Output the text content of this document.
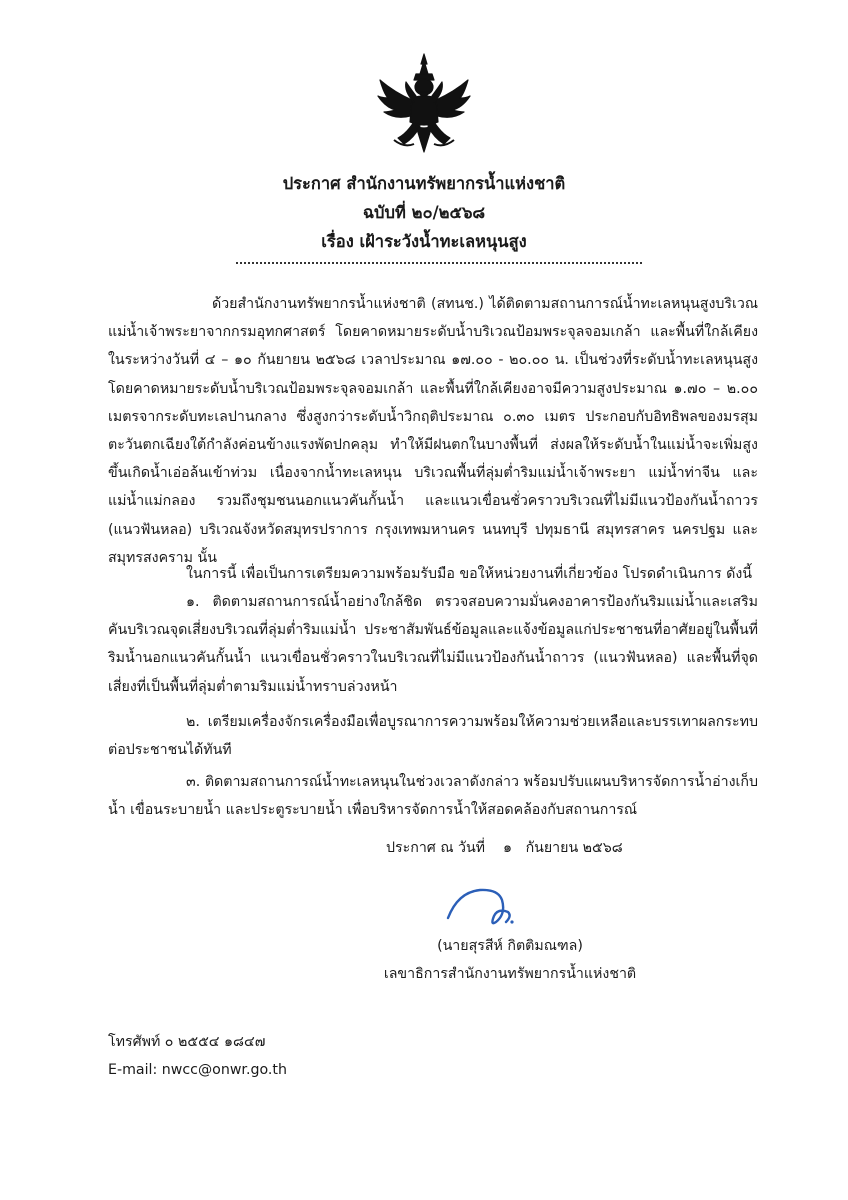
ประกาศ สำนักงานทรัพยากรน้ำแห่งชาติ
ฉบับที่ ๒๐/๒๕๖๘
เรื่อง เฝ้าระวังน้ำทะเลหนุนสูง

ด้วยสำนักงานทรัพยากรน้ำแห่งชาติ (สทนช.) ได้ติดตามสถานการณ์น้ำทะเลหนุนสูงบริเวณแม่น้ำเจ้าพระยาจากกรมอุทกศาสตร์ โดยคาดหมายระดับน้ำบริเวณป้อมพระจุลจอมเกล้า และพื้นที่ใกล้เคียงในระหว่างวันที่ ๔ – ๑๐ กันยายน ๒๕๖๘ เวลาประมาณ ๑๗.๐๐ - ๒๐.๐๐ น. เป็นช่วงที่ระดับน้ำทะเลหนุนสูงโดยคาดหมายระดับน้ำบริเวณป้อมพระจุลจอมเกล้า และพื้นที่ใกล้เคียงอาจมีความสูงประมาณ ๑.๗๐ – ๒.๐๐ เมตรจากระดับทะเลปานกลาง ซึ่งสูงกว่าระดับน้ำวิกฤติประมาณ ๐.๓๐ เมตร ประกอบกับอิทธิพลของมรสุมตะวันตกเฉียงใต้กำลังค่อนข้างแรงพัดปกคลุม ทำให้มีฝนตกในบางพื้นที่ ส่งผลให้ระดับน้ำในแม่น้ำจะเพิ่มสูงขึ้นเกิดน้ำเอ่อล้นเข้าท่วม เนื่องจากน้ำทะเลหนุน บริเวณพื้นที่ลุ่มต่ำริมแม่น้ำเจ้าพระยา แม่น้ำท่าจีน และแม่น้ำแม่กลอง รวมถึงชุมชนนอกแนวคันกั้นน้ำ และแนวเขื่อนชั่วคราวบริเวณที่ไม่มีแนวป้องกันน้ำถาวร (แนวฟันหลอ) บริเวณจังหวัดสมุทรปราการ กรุงเทพมหานคร นนทบุรี ปทุมธานี สมุทรสาคร นครปฐม และสมุทรสงคราม นั้น

ในการนี้ เพื่อเป็นการเตรียมความพร้อมรับมือ ขอให้หน่วยงานที่เกี่ยวข้อง โปรดดำเนินการ ดังนี้

๑. ติดตามสถานการณ์น้ำอย่างใกล้ชิด ตรวจสอบความมั่นคงอาคารป้องกันริมแม่น้ำและเสริมคันบริเวณจุดเสี่ยงบริเวณที่ลุ่มต่ำริมแม่น้ำ ประชาสัมพันธ์ข้อมูลและแจ้งข้อมูลแก่ประชาชนที่อาศัยอยู่ในพื้นที่ริมน้ำนอกแนวคันกั้นน้ำ แนวเขื่อนชั่วคราวในบริเวณที่ไม่มีแนวป้องกันน้ำถาวร (แนวฟันหลอ) และพื้นที่จุดเสี่ยงที่เป็นพื้นที่ลุ่มต่ำตามริมแม่น้ำทราบล่วงหน้า

๒. เตรียมเครื่องจักรเครื่องมือเพื่อบูรณาการความพร้อมให้ความช่วยเหลือและบรรเทาผลกระทบต่อประชาชนได้ทันที

๓. ติดตามสถานการณ์น้ำทะเลหนุนในช่วงเวลาดังกล่าว พร้อมปรับแผนบริหารจัดการน้ำอ่างเก็บน้ำ เขื่อนระบายน้ำ และประตูระบายน้ำ เพื่อบริหารจัดการน้ำให้สอดคล้องกับสถานการณ์

ประกาศ ณ วันที่    ๑   กันยายน ๒๕๖๘
(นายสุรสีห์ กิตติมณฑล)
เลขาธิการสำนักงานทรัพยากรน้ำแห่งชาติ
โทรศัพท์ ๐ ๒๕๕๔ ๑๘๔๗
E-mail: nwcc@onwr.go.th
